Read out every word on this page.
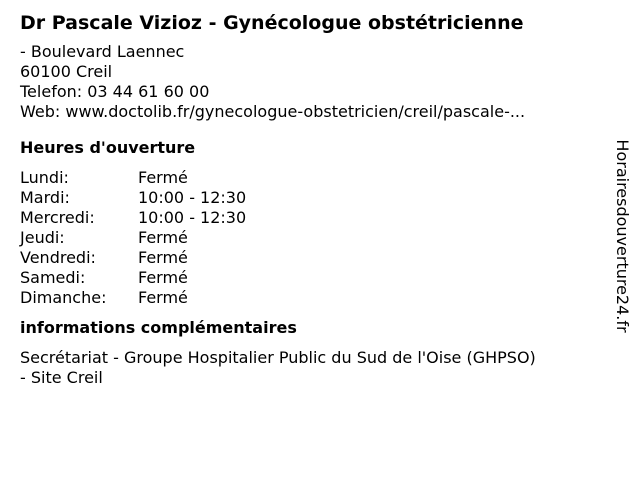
Dr Pascale Vizioz - Gynécologue obstétricienne
- Boulevard Laennec
60100 Creil
Telefon: 03 44 61 60 00
Web: www.doctolib.fr/gynecologue-obstetricien/creil/pascale-...
Heures d'ouverture
Lundi:	Fermé
Mardi:	10:00 - 12:30
Mercredi:	10:00 - 12:30
Jeudi:	Fermé
Vendredi:	Fermé
Samedi:	Fermé
Dimanche:	Fermé
informations complémentaires
Secrétariat - Groupe Hospitalier Public du Sud de l'Oise (GHPSO)
- Site Creil
Horairesdouverture24.fr
